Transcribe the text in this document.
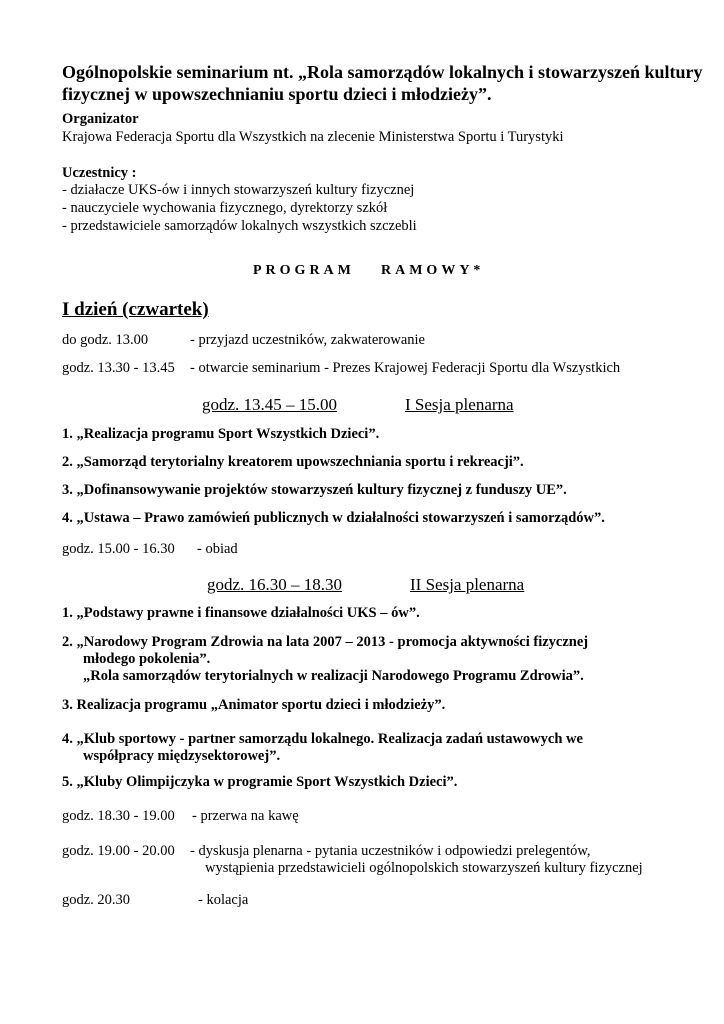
Ogólnopolskie seminarium nt. „Rola samorządów lokalnych i stowarzyszeń kultury
fizycznej w upowszechnianiu sportu dzieci i młodzieży”.
Organizator
Krajowa Federacja Sportu dla Wszystkich na zlecenie Ministerstwa Sportu i Turystyki
Uczestnicy :
- działacze UKS-ów i innych stowarzyszeń kultury fizycznej
- nauczyciele wychowania fizycznego, dyrektorzy szkół
- przedstawiciele samorządów lokalnych wszystkich szczebli
PROGRAM RAMOWY*
I dzień (czwartek)
do godz. 13.00	- przyjazd uczestników, zakwaterowanie
godz. 13.30 - 13.45 - otwarcie seminarium - Prezes Krajowej Federacji Sportu dla Wszystkich
godz. 13.45 – 15.00	I Sesja plenarna
1. „Realizacja programu Sport Wszystkich Dzieci”.
2. „Samorząd terytorialny kreatorem upowszechniania sportu i rekreacji”.
3. „Dofinansowywanie projektów stowarzyszeń kultury fizycznej z funduszy UE”.
4. „Ustawa – Prawo zamówień publicznych w działalności stowarzyszeń i samorządów”.
godz. 15.00 - 16.30 - obiad
godz. 16.30 – 18.30	II Sesja plenarna
1. „Podstawy prawne i finansowe działalności UKS – ów”.
2. „Narodowy Program Zdrowia na lata 2007 – 2013 - promocja aktywności fizycznej
młodego pokolenia”.
„Rola samorządów terytorialnych w realizacji Narodowego Programu Zdrowia”.
3. Realizacja programu „Animator sportu dzieci i młodzieży”.
4. „Klub sportowy - partner samorządu lokalnego. Realizacja zadań ustawowych we
współpracy międzysektorowej”.
5. „Kluby Olimpijczyka w programie Sport Wszystkich Dzieci”.
godz. 18.30 - 19.00 - przerwa na kawę
godz. 19.00 - 20.00 - dyskusja plenarna - pytania uczestników i odpowiedzi prelegentów,
wystąpienia przedstawicieli ogólnopolskich stowarzyszeń kultury fizycznej
godz. 20.30	- kolacja
